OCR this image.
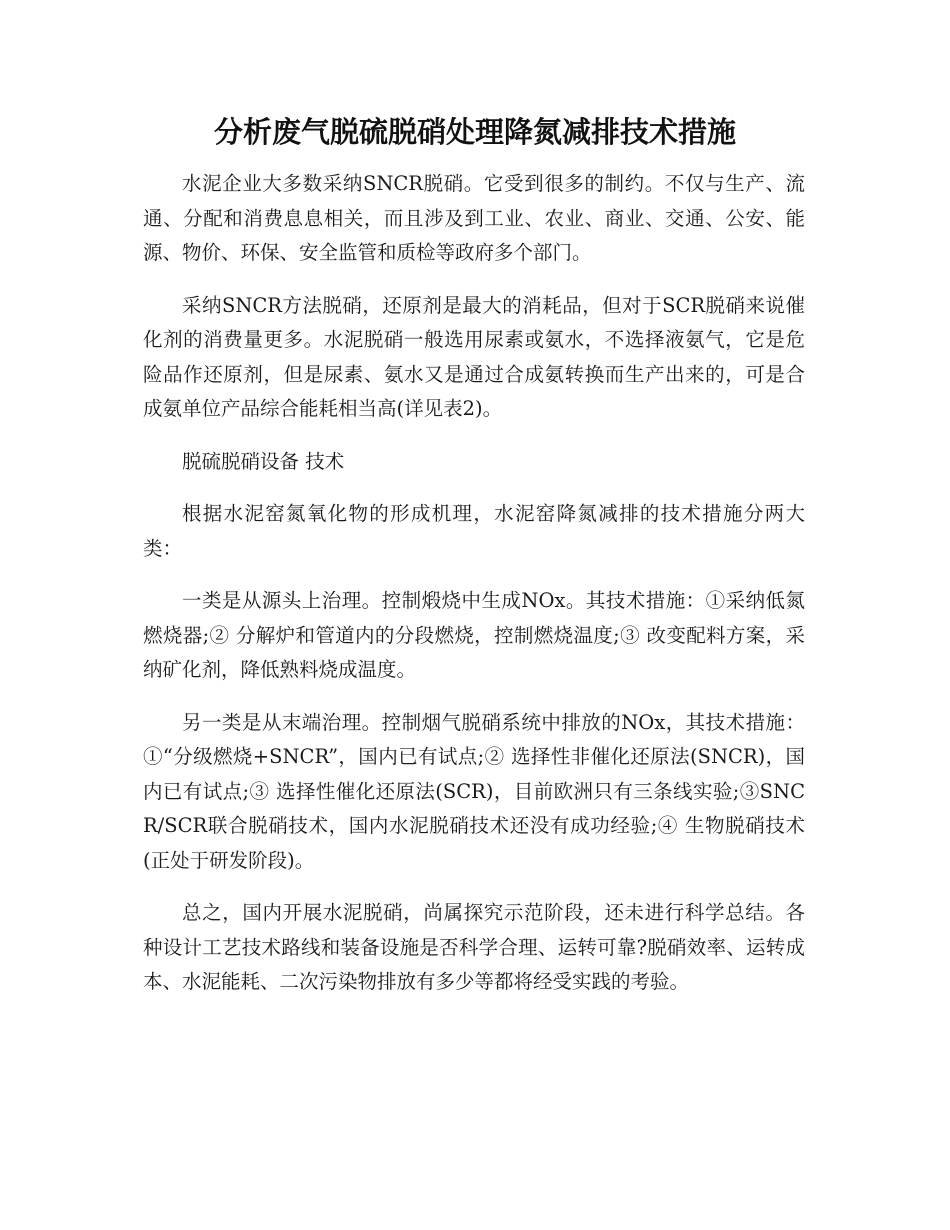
分析废气脱硫脱硝处理降氮减排技术措施

水泥企业大多数采纳SNCR脱硝。它受到很多的制约。不仅与生产、流通、分配和消费息息相关，而且涉及到工业、农业、商业、交通、公安、能源、物价、环保、安全监管和质检等政府多个部门。

采纳SNCR方法脱硝，还原剂是最大的消耗品，但对于SCR脱硝来说催化剂的消费量更多。水泥脱硝一般选用尿素或氨水，不选择液氨气，它是危险品作还原剂，但是尿素、氨水又是通过合成氨转换而生产出来的，可是合成氨单位产品综合能耗相当高(详见表2)。

脱硫脱硝设备 技术

根据水泥窑氮氧化物的形成机理，水泥窑降氮减排的技术措施分两大类：

一类是从源头上治理。控制煅烧中生成NOx。其技术措施：①采纳低氮燃烧器;② 分解炉和管道内的分段燃烧，控制燃烧温度;③ 改变配料方案，采纳矿化剂，降低熟料烧成温度。

另一类是从末端治理。控制烟气脱硝系统中排放的NOx，其技术措施：①“分级燃烧+SNCR”，国内已有试点;② 选择性非催化还原法(SNCR)，国内已有试点;③ 选择性催化还原法(SCR)，目前欧洲只有三条线实验;③SNCR/SCR联合脱硝技术，国内水泥脱硝技术还没有成功经验;④ 生物脱硝技术(正处于研发阶段)。

总之，国内开展水泥脱硝，尚属探究示范阶段，还未进行科学总结。各种设计工艺技术路线和装备设施是否科学合理、运转可靠?脱硝效率、运转成本、水泥能耗、二次污染物排放有多少等都将经受实践的考验。
